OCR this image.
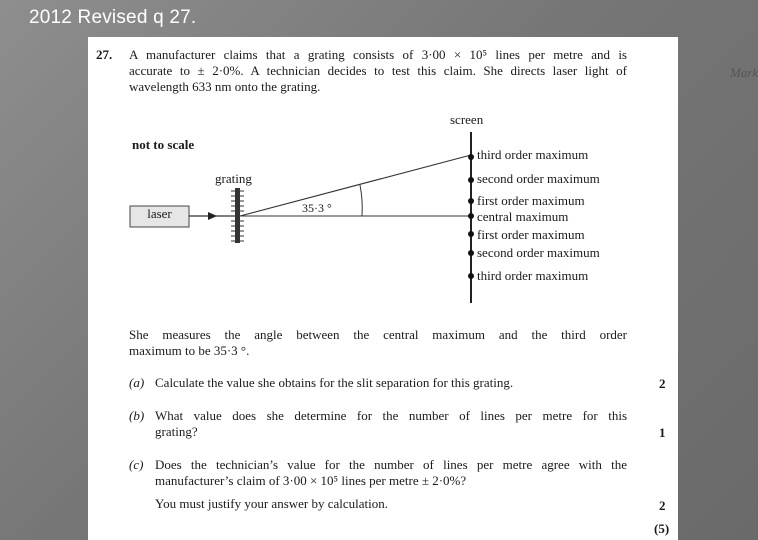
2012 Revised q 27.
Mark
27. A manufacturer claims that a grating consists of 3·00 × 10⁵ lines per metre and is
accurate to ± 2·0%. A technician decides to test this claim. She directs laser light of
wavelength 633 nm onto the grating.
screen
not to scale
grating
35·3 °
third order maximum
second order maximum
first order maximum
central maximum
first order maximum
second order maximum
third order maximum
She measures the angle between the central maximum and the third order
maximum to be 35·3 °.
(a) Calculate the value she obtains for the slit separation for this grating.	2
(b) What value does she determine for the number of lines per metre for this
grating?	1
(c) Does the technician’s value for the number of lines per metre agree with the
manufacturer’s claim of 3·00 × 10⁵ lines per metre ± 2·0%?
You must justify your answer by calculation.	2
(5)
laser
